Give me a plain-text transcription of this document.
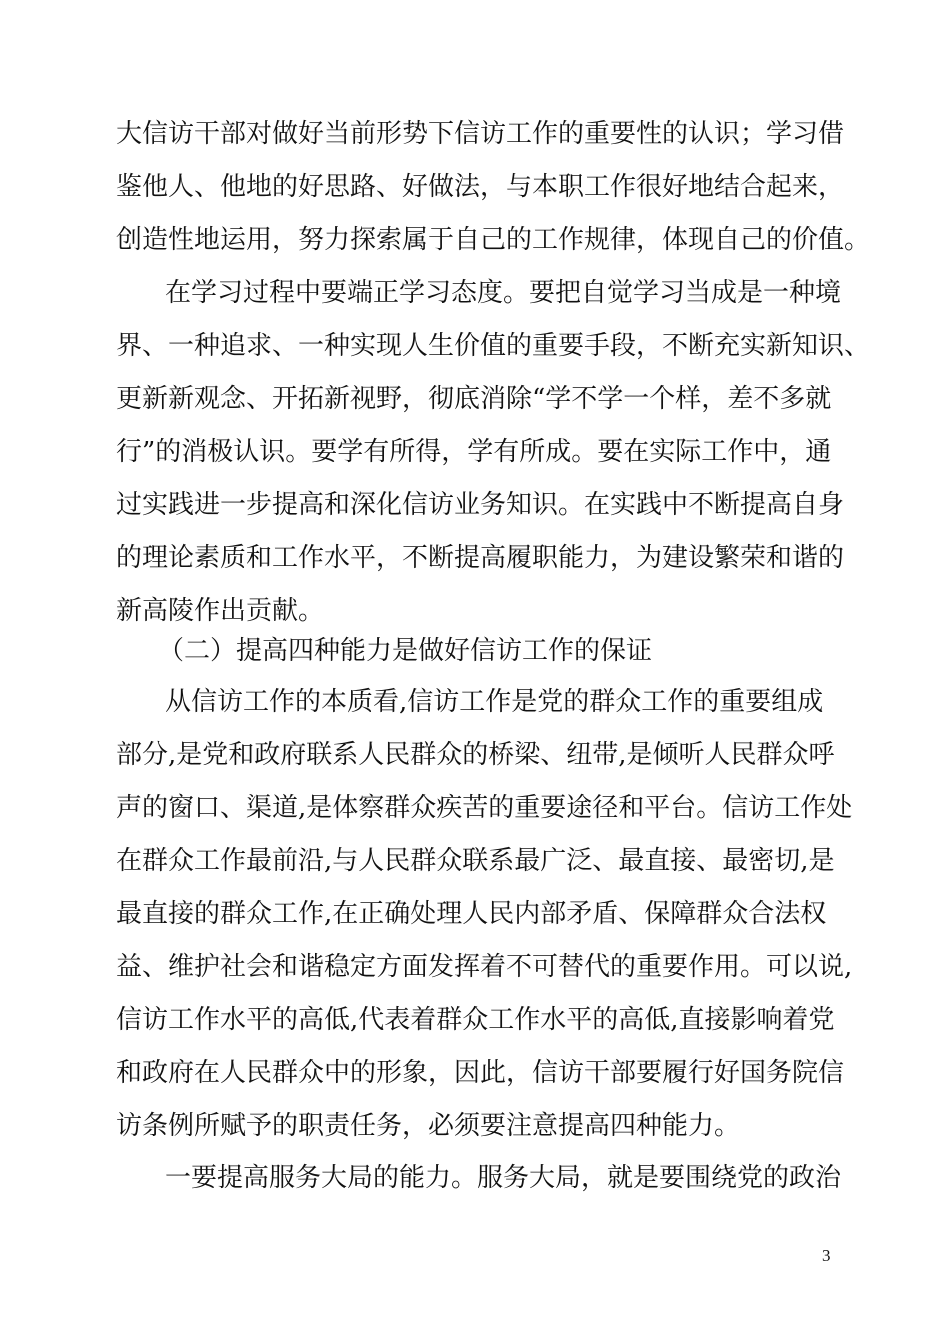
大信访干部对做好当前形势下信访工作的重要性的认识；学习借

鉴他人、他地的好思路、好做法，与本职工作很好地结合起来，

创造性地运用，努力探索属于自己的工作规律，体现自己的价值。

在学习过程中要端正学习态度。要把自觉学习当成是一种境

界、一种追求、一种实现人生价值的重要手段，不断充实新知识、

更新新观念、开拓新视野，彻底消除“学不学一个样，差不多就

行”的消极认识。要学有所得，学有所成。要在实际工作中，通

过实践进一步提高和深化信访业务知识。在实践中不断提高自身

的理论素质和工作水平，不断提高履职能力，为建设繁荣和谐的

新高陵作出贡献。

（二）提高四种能力是做好信访工作的保证

从信访工作的本质看,信访工作是党的群众工作的重要组成

部分,是党和政府联系人民群众的桥梁、纽带,是倾听人民群众呼

声的窗口、渠道,是体察群众疾苦的重要途径和平台。信访工作处

在群众工作最前沿,与人民群众联系最广泛、最直接、最密切,是

最直接的群众工作,在正确处理人民内部矛盾、保障群众合法权

益、维护社会和谐稳定方面发挥着不可替代的重要作用。可以说,

信访工作水平的高低,代表着群众工作水平的高低,直接影响着党

和政府在人民群众中的形象，因此，信访干部要履行好国务院信

访条例所赋予的职责任务，必须要注意提高四种能力。

一要提高服务大局的能力。服务大局，就是要围绕党的政治

3
